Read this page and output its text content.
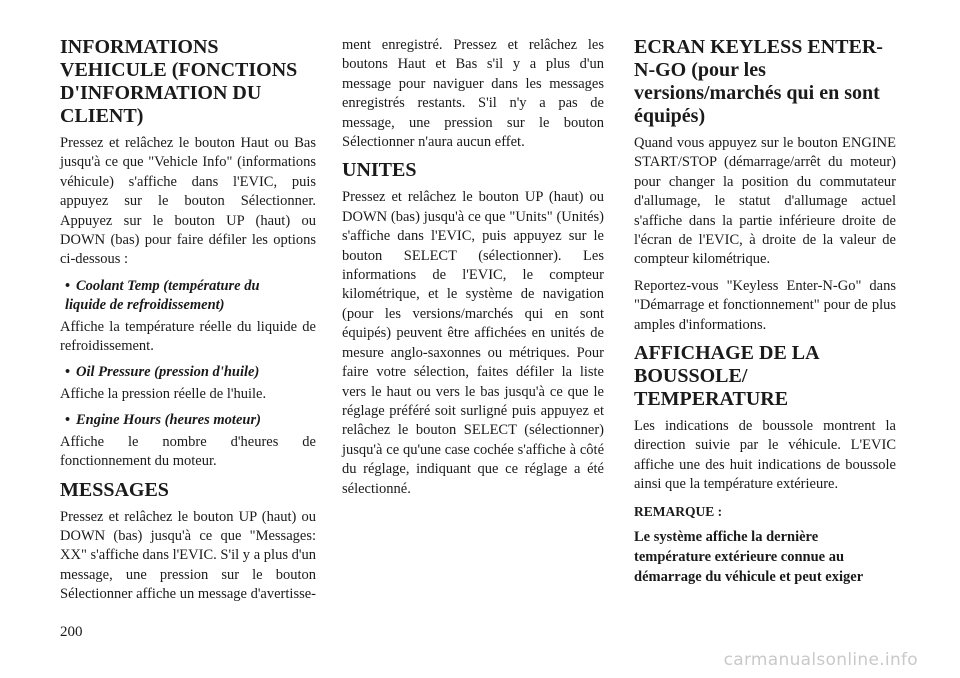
INFORMATIONS VEHICULE (FONCTIONS D'INFORMATION DU CLIENT)

Pressez et relâchez le bouton Haut ou Bas jusqu'à ce que "Vehicle Info" (informations véhicule) s'affiche dans l'EVIC, puis appuyez sur le bouton Sélectionner. Appuyez sur le bouton UP (haut) ou DOWN (bas) pour faire défiler les options ci-dessous :

• Coolant Temp (température du
liquide de refroidissement)

Affiche la température réelle du liquide de refroidissement.

• Oil Pressure (pression d'huile)

Affiche la pression réelle de l'huile.

• Engine Hours (heures moteur)

Affiche le nombre d'heures de fonctionnement du moteur.

MESSAGES

Pressez et relâchez le bouton UP (haut) ou DOWN (bas) jusqu'à ce que "Messages: XX" s'affiche dans l'EVIC. S'il y a plus d'un message, une pression sur le bouton Sélectionner affiche un message d'avertisse-

ment enregistré. Pressez et relâchez les boutons Haut et Bas s'il y a plus d'un message pour naviguer dans les messages enregistrés restants. S'il n'y a pas de message, une pression sur le bouton Sélectionner n'aura aucun effet.

UNITES

Pressez et relâchez le bouton UP (haut) ou DOWN (bas) jusqu'à ce que "Units" (Unités) s'affiche dans l'EVIC, puis appuyez sur le bouton SELECT (sélectionner). Les informations de l'EVIC, le compteur kilométrique, et le système de navigation (pour les versions/marchés qui en sont équipés) peuvent être affichées en unités de mesure anglo-saxonnes ou métriques. Pour faire votre sélection, faites défiler la liste vers le haut ou vers le bas jusqu'à ce que le réglage préféré soit surligné puis appuyez et relâchez le bouton SELECT (sélectionner) jusqu'à ce qu'une case cochée s'affiche à côté du réglage, indiquant que ce réglage a été sélectionné.

ECRAN KEYLESS ENTER-N-GO (pour les versions/marchés qui en sont équipés)

Quand vous appuyez sur le bouton ENGINE START/STOP (démarrage/arrêt du moteur) pour changer la position du commutateur d'allumage, le statut d'allumage actuel s'affiche dans la partie inférieure droite de l'écran de l'EVIC, à droite de la valeur de compteur kilométrique.

Reportez-vous "Keyless Enter-N-Go" dans "Démarrage et fonctionnement" pour de plus amples d'informations.

AFFICHAGE DE LA BOUSSOLE/ TEMPERATURE

Les indications de boussole montrent la direction suivie par le véhicule. L'EVIC affiche une des huit indications de boussole ainsi que la température extérieure.

REMARQUE :

Le système affiche la dernière température extérieure connue au démarrage du véhicule et peut exiger

200
carmanualsonline.info
